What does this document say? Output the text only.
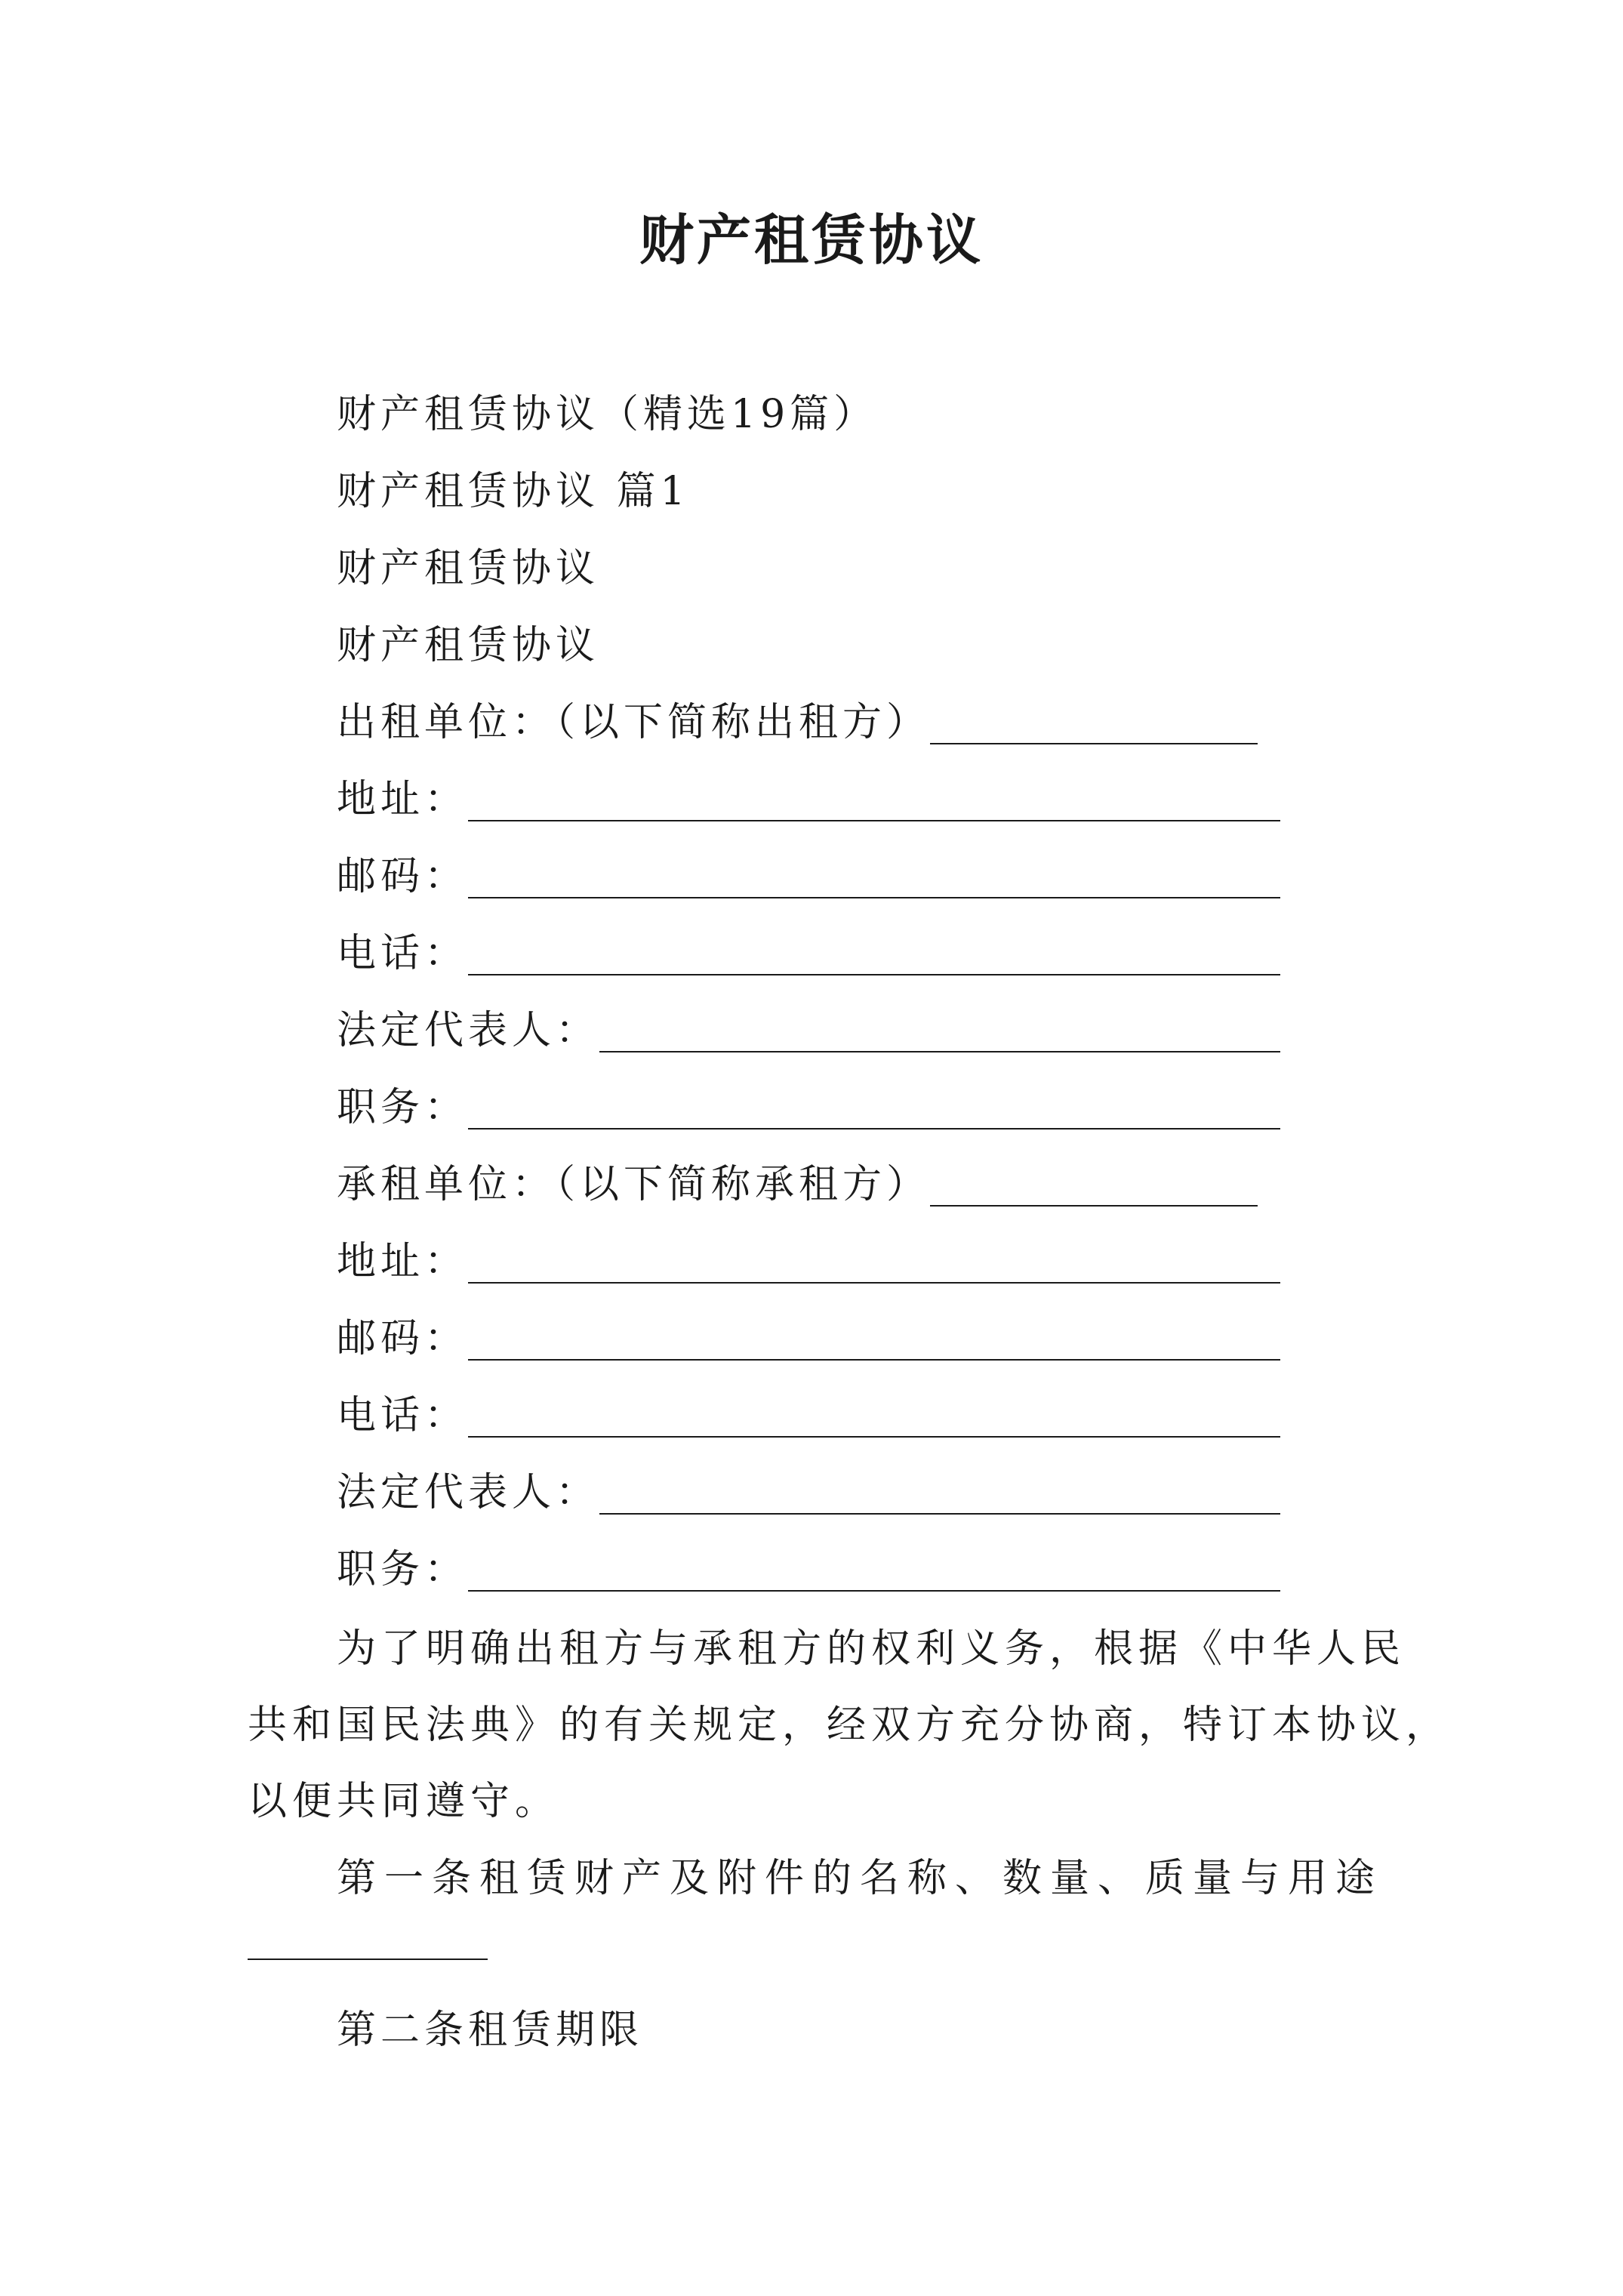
财产租赁协议
财产租赁协议（精选19篇）
财产租赁协议 篇1
财产租赁协议
财产租赁协议
出租单位：（以下简称出租方）
地址：
邮码：
电话：
法定代表人：
职务：
承租单位：（以下简称承租方）
地址：
邮码：
电话：
法定代表人：
职务：
为了明确出租方与承租方的权利义务，根据《中华人民
共和国民法典》的有关规定，经双方充分协商，特订本协议，
以便共同遵守。
第一条租赁财产及附件的名称、数量、质量与用途
第二条租赁期限
